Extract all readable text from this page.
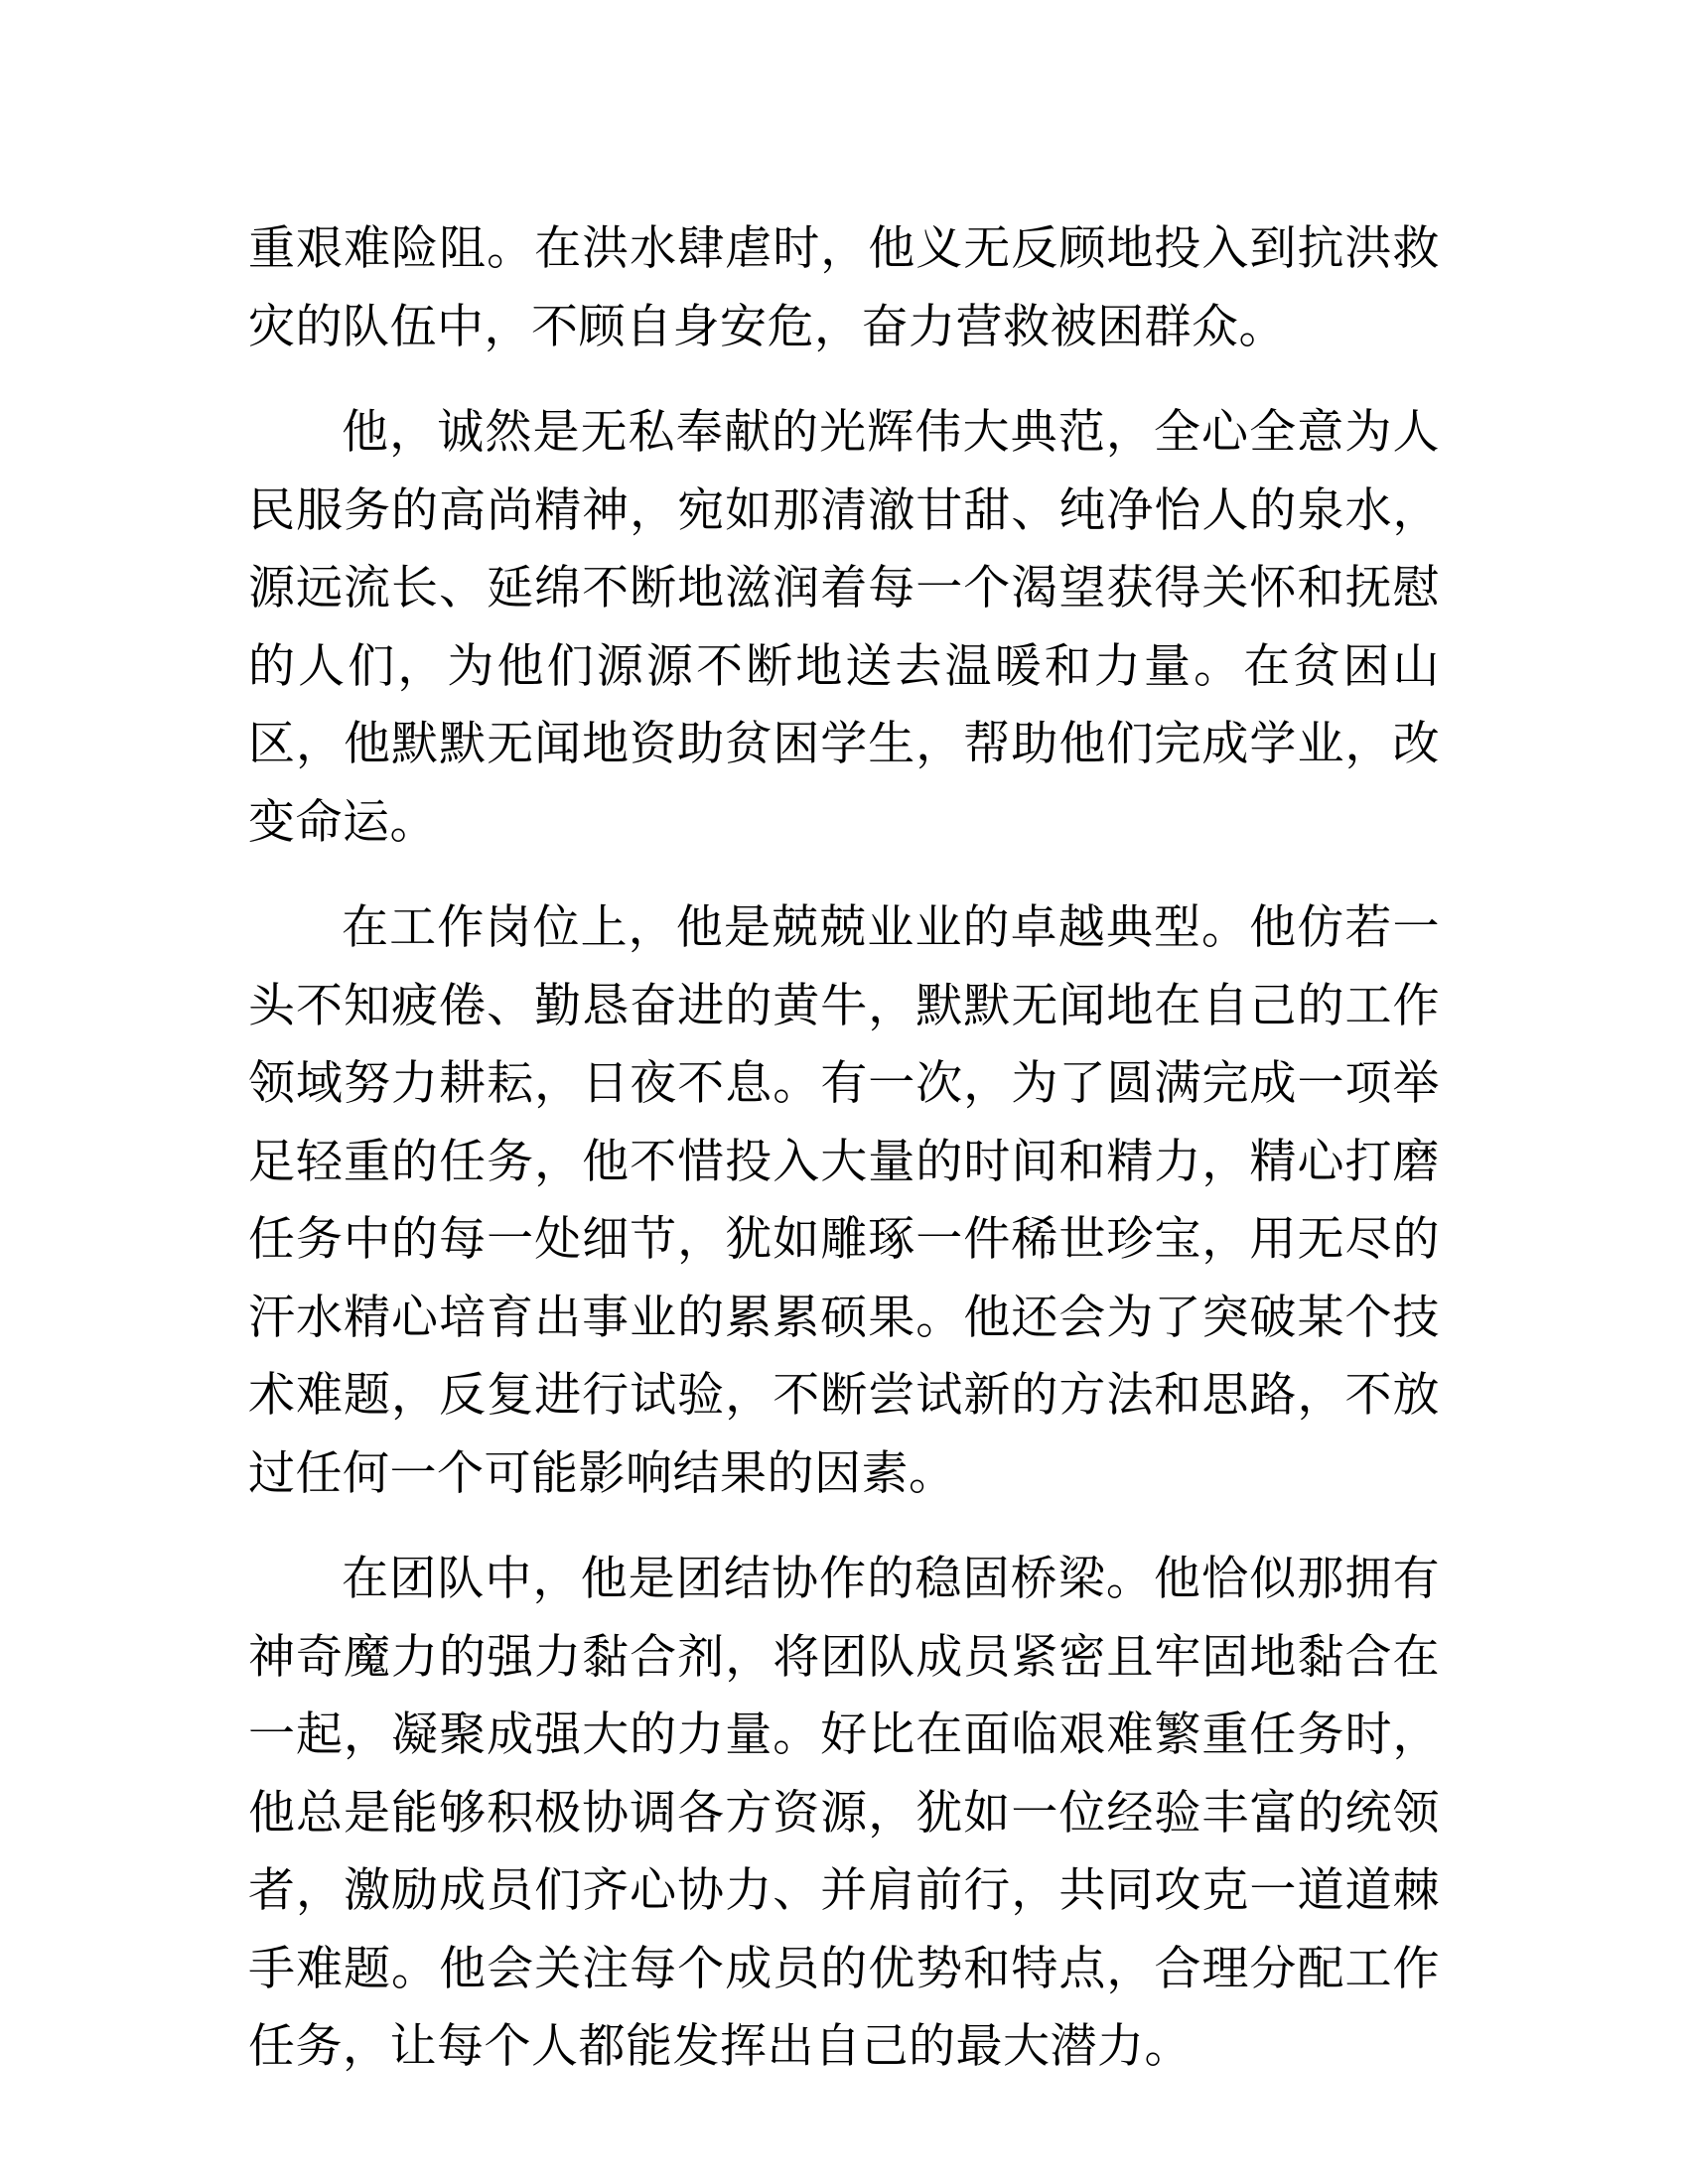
重艰难险阻。在洪水肆虐时，他义无反顾地投入到抗洪救灾的队伍中，不顾自身安危，奋力营救被困群众。

他，诚然是无私奉献的光辉伟大典范，全心全意为人民服务的高尚精神，宛如那清澈甘甜、纯净怡人的泉水，源远流长、延绵不断地滋润着每一个渴望获得关怀和抚慰的人们，为他们源源不断地送去温暖和力量。在贫困山区，他默默无闻地资助贫困学生，帮助他们完成学业，改变命运。

在工作岗位上，他是兢兢业业的卓越典型。他仿若一头不知疲倦、勤恳奋进的黄牛，默默无闻地在自己的工作领域努力耕耘，日夜不息。有一次，为了圆满完成一项举足轻重的任务，他不惜投入大量的时间和精力，精心打磨任务中的每一处细节，犹如雕琢一件稀世珍宝，用无尽的汗水精心培育出事业的累累硕果。他还会为了突破某个技术难题，反复进行试验，不断尝试新的方法和思路，不放过任何一个可能影响结果的因素。

在团队中，他是团结协作的稳固桥梁。他恰似那拥有神奇魔力的强力黏合剂，将团队成员紧密且牢固地黏合在一起，凝聚成强大的力量。好比在面临艰难繁重任务时，他总是能够积极协调各方资源，犹如一位经验丰富的统领者，激励成员们齐心协力、并肩前行，共同攻克一道道棘手难题。他会关注每个成员的优势和特点，合理分配工作任务，让每个人都能发挥出自己的最大潜力。
